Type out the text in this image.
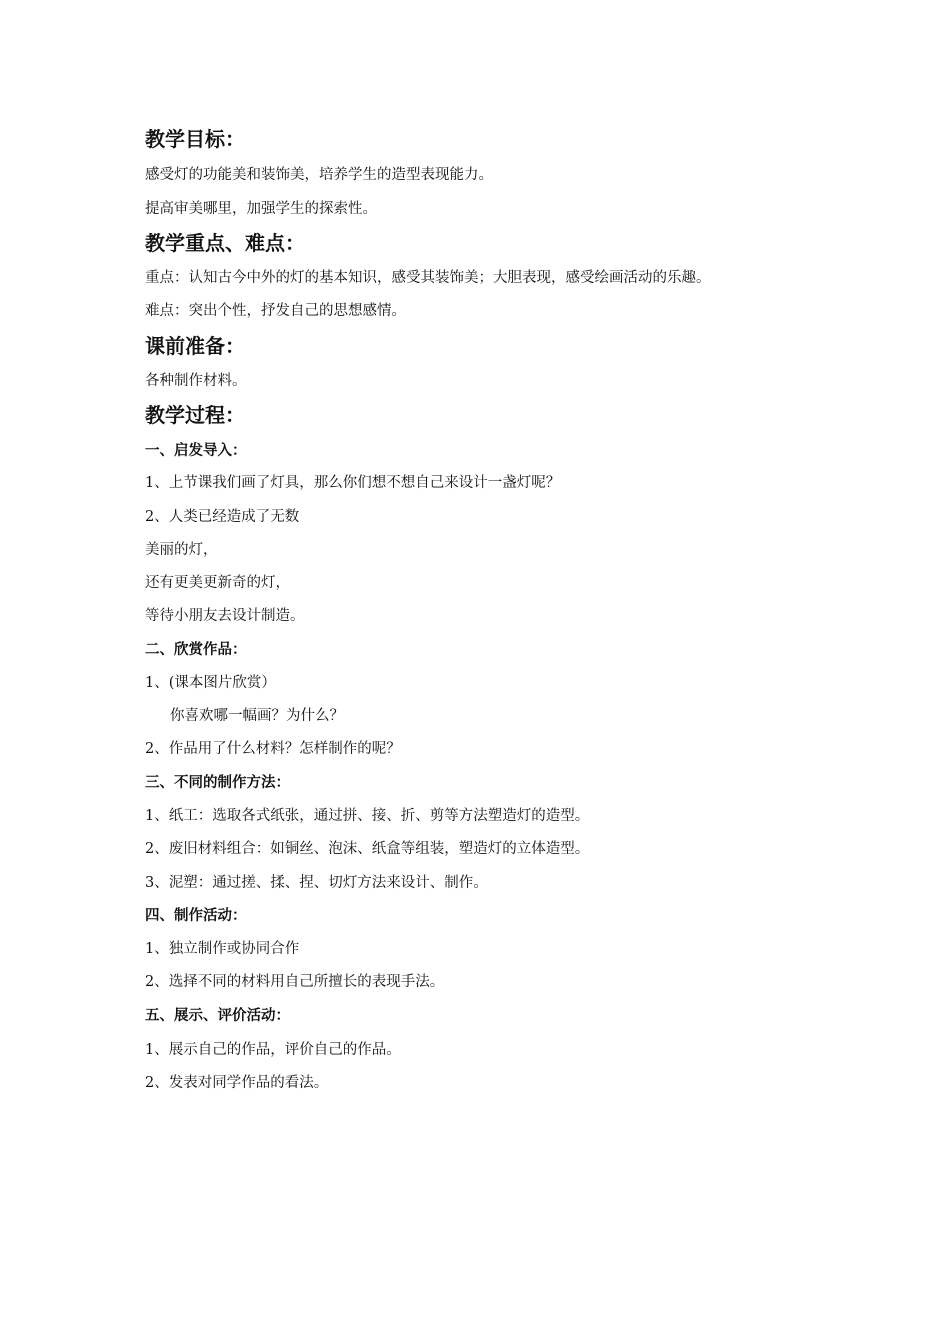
教学目标：
感受灯的功能美和装饰美，培养学生的造型表现能力。
提高审美哪里，加强学生的探索性。
教学重点、难点：
重点：认知古今中外的灯的基本知识，感受其装饰美；大胆表现，感受绘画活动的乐趣。
难点：突出个性，抒发自己的思想感情。
课前准备：
各种制作材料。
教学过程：
一、启发导入：
1、上节课我们画了灯具，那么你们想不想自己来设计一盏灯呢？
2、人类已经造成了无数
美丽的灯，
还有更美更新奇的灯，
等待小朋友去设计制造。
二、欣赏作品：
1、(课本图片欣赏）
你喜欢哪一幅画？为什么？
2、作品用了什么材料？怎样制作的呢？
三、不同的制作方法：
1、纸工：选取各式纸张，通过拼、接、折、剪等方法塑造灯的造型。
2、废旧材料组合：如铜丝、泡沫、纸盒等组装，塑造灯的立体造型。
3、泥塑：通过搓、揉、捏、切灯方法来设计、制作。
四、制作活动：
1、独立制作或协同合作
2、选择不同的材料用自己所擅长的表现手法。
五、展示、评价活动：
1、展示自己的作品，评价自己的作品。
2、发表对同学作品的看法。
